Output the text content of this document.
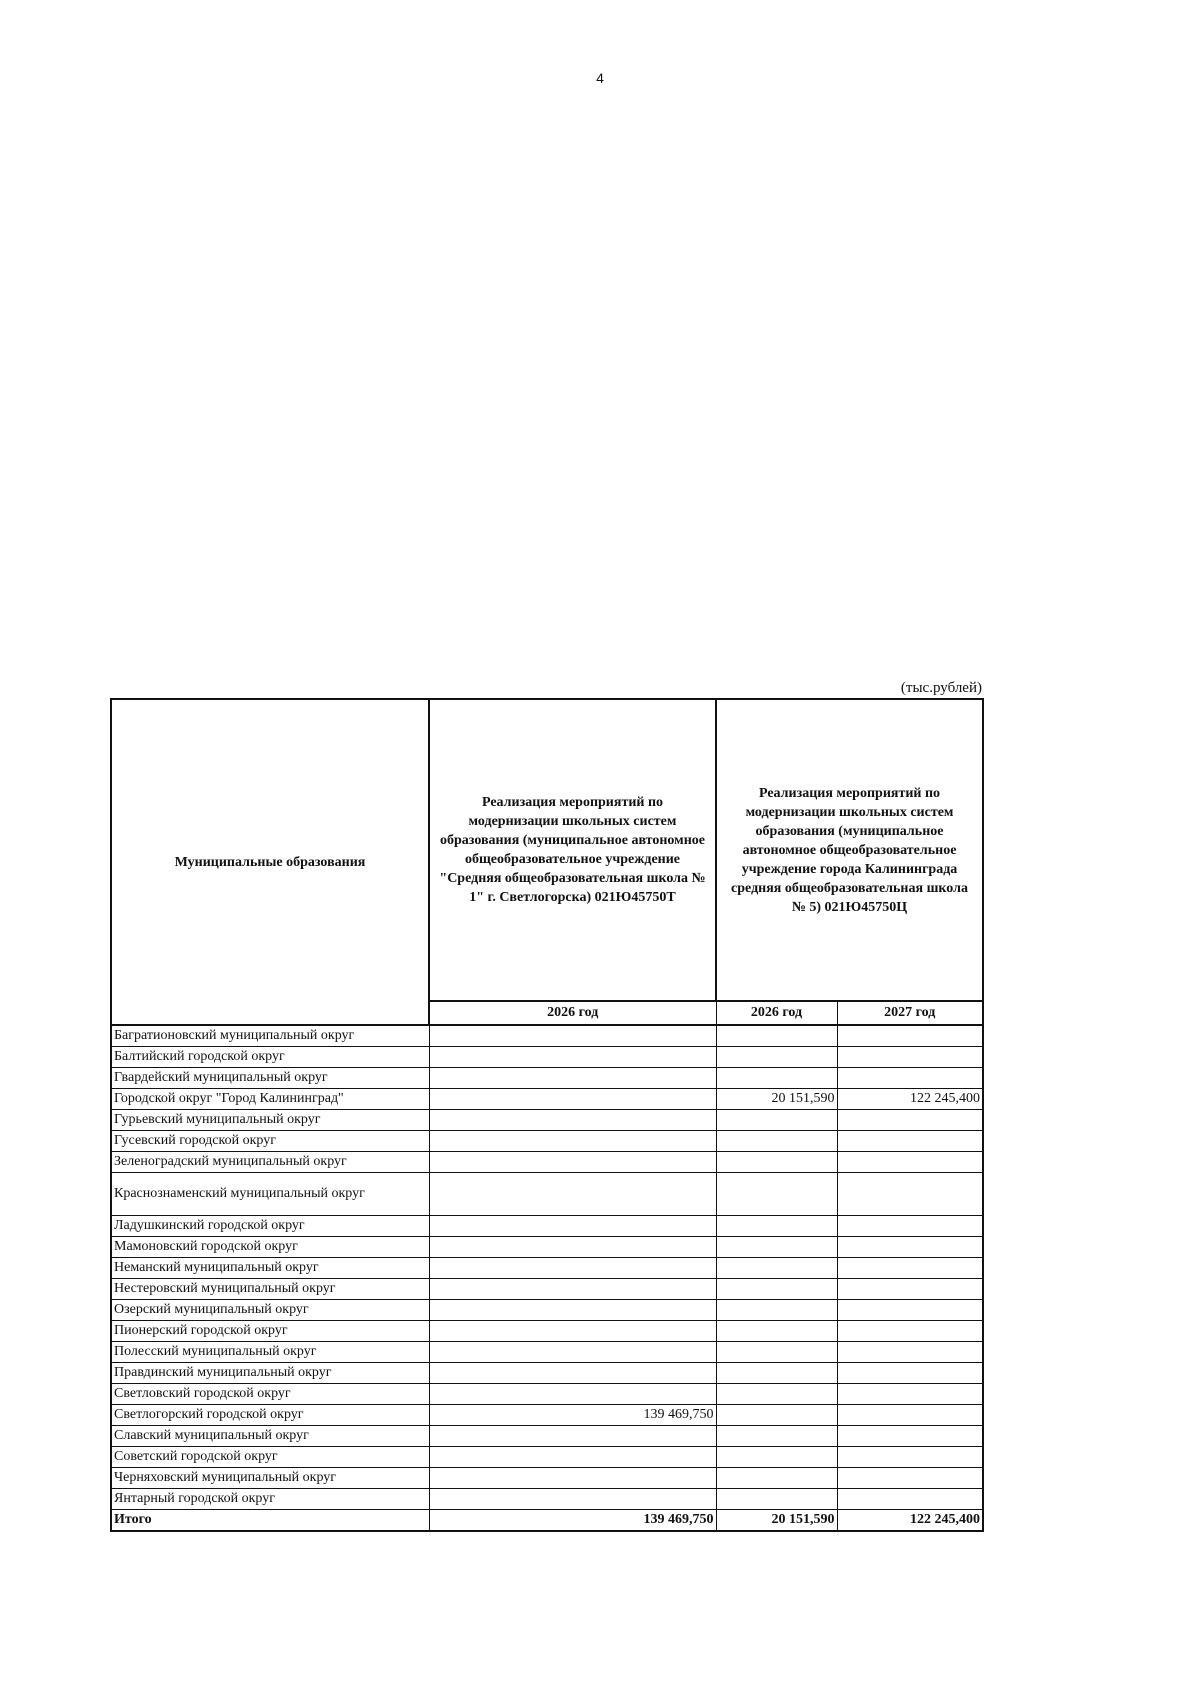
4
(тыс.рублей)
Муниципальные образования	Реализация мероприятий по модернизации школьных систем образования (муниципальное автономное общеобразовательное учреждение "Средняя общеобразовательная школа № 1" г. Светлогорска) 021Ю45750Т	Реализация мероприятий по модернизации школьных систем образования (муниципальное автономное общеобразовательное учреждение города Калининграда средняя общеобразовательная школа № 5) 021Ю45750Ц	
	2026 год	2026 год	2027 год
Багратионовский муниципальный округ			
Балтийский городской округ			
Гвардейский муниципальный округ			
Городской округ "Город Калининград"		20 151,590	122 245,400
Гурьевский муниципальный округ			
Гусевский городской округ			
Зеленоградский муниципальный округ			
Краснознаменский муниципальный округ			
Ладушкинский городской округ			
Мамоновский городской округ			
Неманский муниципальный округ			
Нестеровский муниципальный округ			
Озерский муниципальный округ			
Пионерский городской округ			
Полесский муниципальный округ			
Правдинский муниципальный округ			
Светловский городской округ			
Светлогорский городской округ	139 469,750		
Славский муниципальный округ			
Советский городской округ			
Черняховский муниципальный округ			
Янтарный городской округ			
Итого	139 469,750	20 151,590	122 245,400
